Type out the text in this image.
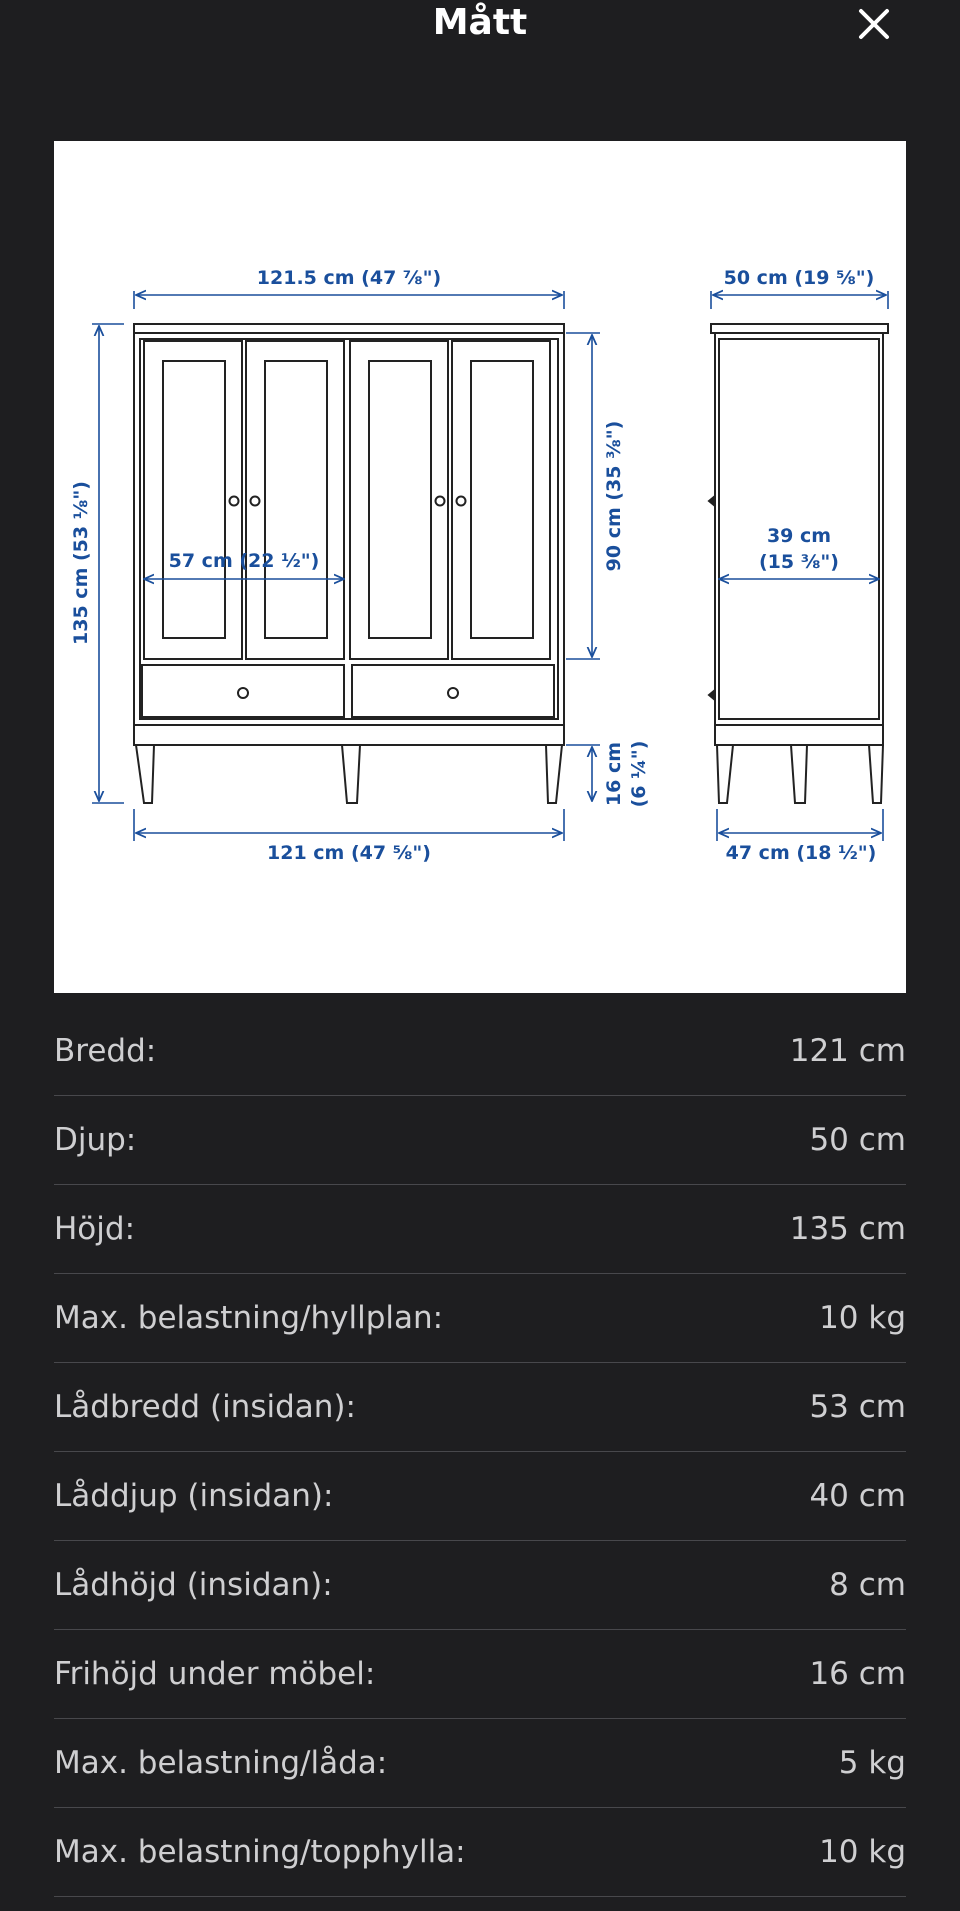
Mått
121.5 cm (47 ⅞")	50 cm (19 ⅝")
135 cm (53 ⅛")	90 cm (35 ⅜")
57 cm (22 ½")
39 cm
(15 ⅜")
16 cm (6 ¼")
121 cm (47 ⅝")	47 cm (18 ½")
Bredd:	121 cm
Djup:	50 cm
Höjd:	135 cm
Max. belastning/hyllplan:	10 kg
Lådbredd (insidan):	53 cm
Låddjup (insidan):	40 cm
Lådhöjd (insidan):	8 cm
Frihöjd under möbel:	16 cm
Max. belastning/låda:	5 kg
Max. belastning/topphylla:	10 kg
